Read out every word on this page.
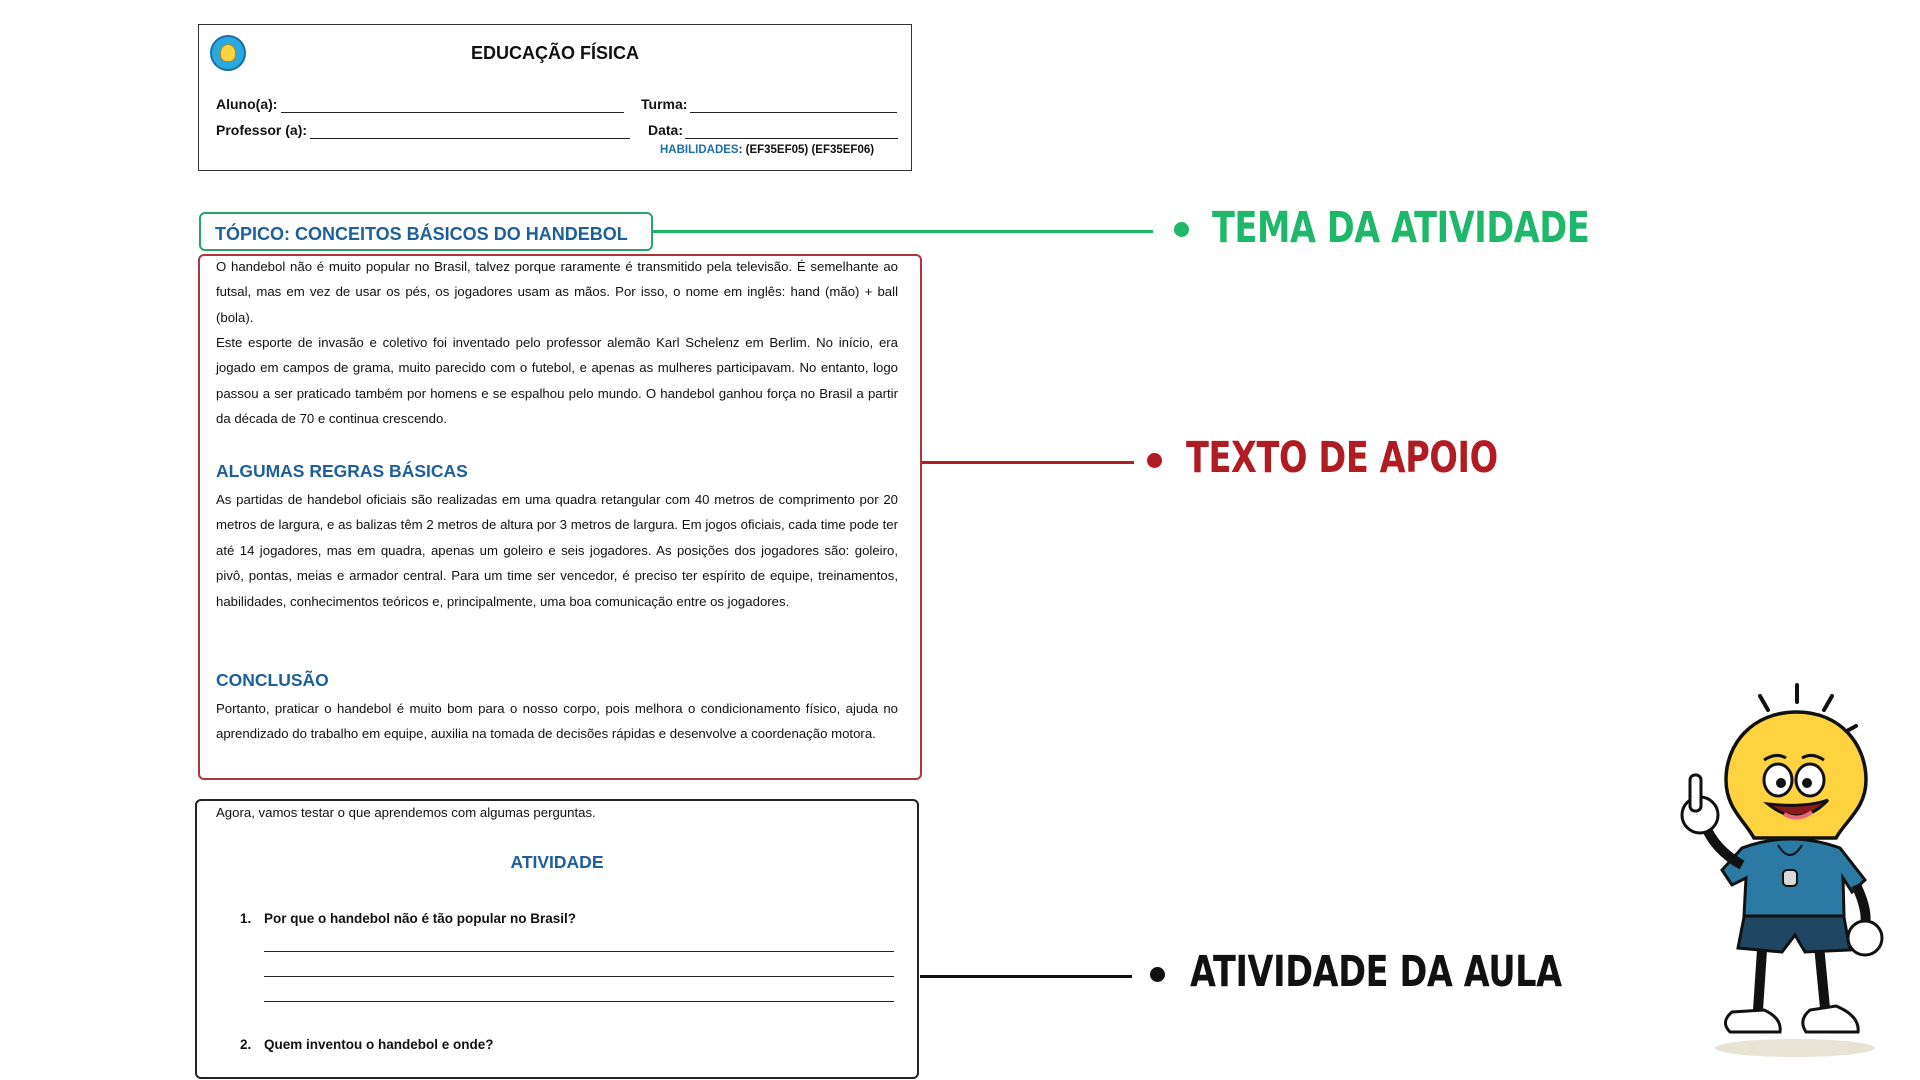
EDUCAÇÃO FÍSICA
Aluno(a):	Turma:
Professor (a):	Data:
HABILIDADES: (EF35EF05) (EF35EF06)
TÓPICO: CONCEITOS BÁSICOS DO HANDEBOL
O handebol não é muito popular no Brasil, talvez porque raramente é transmitido pela televisão. É semelhante ao futsal, mas em vez de usar os pés, os jogadores usam as mãos. Por isso, o nome em inglês: hand (mão) + ball (bola).
Este esporte de invasão e coletivo foi inventado pelo professor alemão Karl Schelenz em Berlim. No início, era jogado em campos de grama, muito parecido com o futebol, e apenas as mulheres participavam. No entanto, logo passou a ser praticado também por homens e se espalhou pelo mundo. O handebol ganhou força no Brasil a partir da década de 70 e continua crescendo.
ALGUMAS REGRAS BÁSICAS
As partidas de handebol oficiais são realizadas em uma quadra retangular com 40 metros de comprimento por 20 metros de largura, e as balizas têm 2 metros de altura por 3 metros de largura. Em jogos oficiais, cada time pode ter até 14 jogadores, mas em quadra, apenas um goleiro e seis jogadores. As posições dos jogadores são: goleiro, pivô, pontas, meias e armador central. Para um time ser vencedor, é preciso ter espírito de equipe, treinamentos, habilidades, conhecimentos teóricos e, principalmente, uma boa comunicação entre os jogadores.
CONCLUSÃO
Portanto, praticar o handebol é muito bom para o nosso corpo, pois melhora o condicionamento físico, ajuda no aprendizado do trabalho em equipe, auxilia na tomada de decisões rápidas e desenvolve a coordenação motora.
Agora, vamos testar o que aprendemos com algumas perguntas.
ATIVIDADE
1. Por que o handebol não é tão popular no Brasil?
2. Quem inventou o handebol e onde?
TEMA DA ATIVIDADE
TEXTO DE APOIO
ATIVIDADE DA AULA
